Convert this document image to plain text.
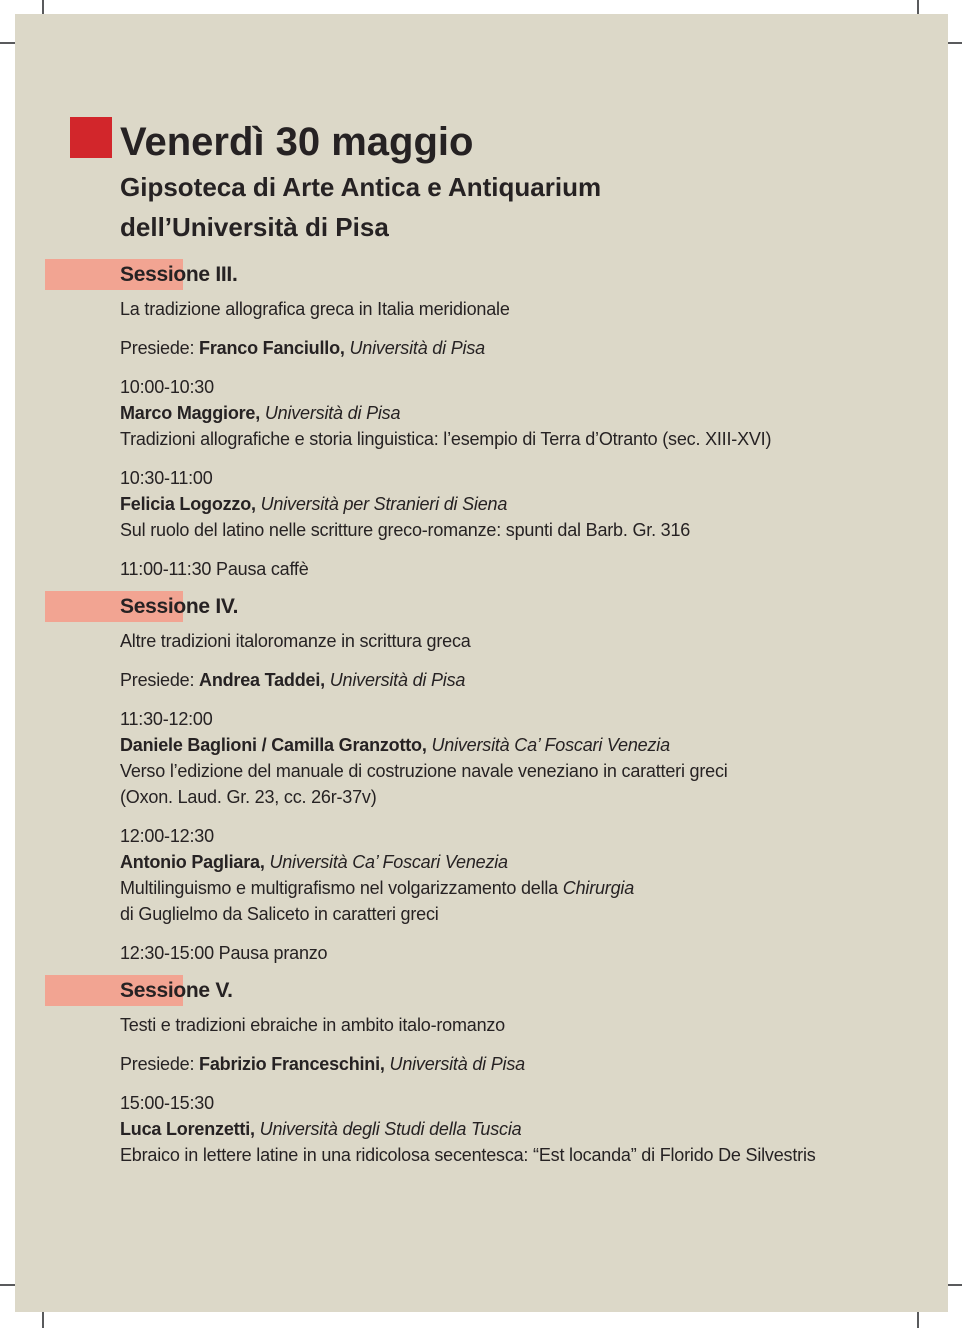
Venerdì 30 maggio
Gipsoteca di Arte Antica e Antiquarium
dell’Università di Pisa
Sessione III.
La tradizione allografica greca in Italia meridionale
Presiede: Franco Fanciullo, Università di Pisa
10:00-10:30
Marco Maggiore, Università di Pisa
Tradizioni allografiche e storia linguistica: l’esempio di Terra d’Otranto (sec. XIII-XVI)
10:30-11:00
Felicia Logozzo, Università per Stranieri di Siena
Sul ruolo del latino nelle scritture greco-romanze: spunti dal Barb. Gr. 316
11:00-11:30 Pausa caffè
Sessione IV.
Altre tradizioni italoromanze in scrittura greca
Presiede: Andrea Taddei, Università di Pisa
11:30-12:00
Daniele Baglioni / Camilla Granzotto, Università Ca’ Foscari Venezia
Verso l’edizione del manuale di costruzione navale veneziano in caratteri greci
(Oxon. Laud. Gr. 23, cc. 26r-37v)
12:00-12:30
Antonio Pagliara, Università Ca’ Foscari Venezia
Multilinguismo e multigrafismo nel volgarizzamento della Chirurgia
di Guglielmo da Saliceto in caratteri greci
12:30-15:00 Pausa pranzo
Sessione V.
Testi e tradizioni ebraiche in ambito italo-romanzo
Presiede: Fabrizio Franceschini, Università di Pisa
15:00-15:30
Luca Lorenzetti, Università degli Studi della Tuscia
Ebraico in lettere latine in una ridicolosa secentesca: “Est locanda” di Florido De Silvestris
